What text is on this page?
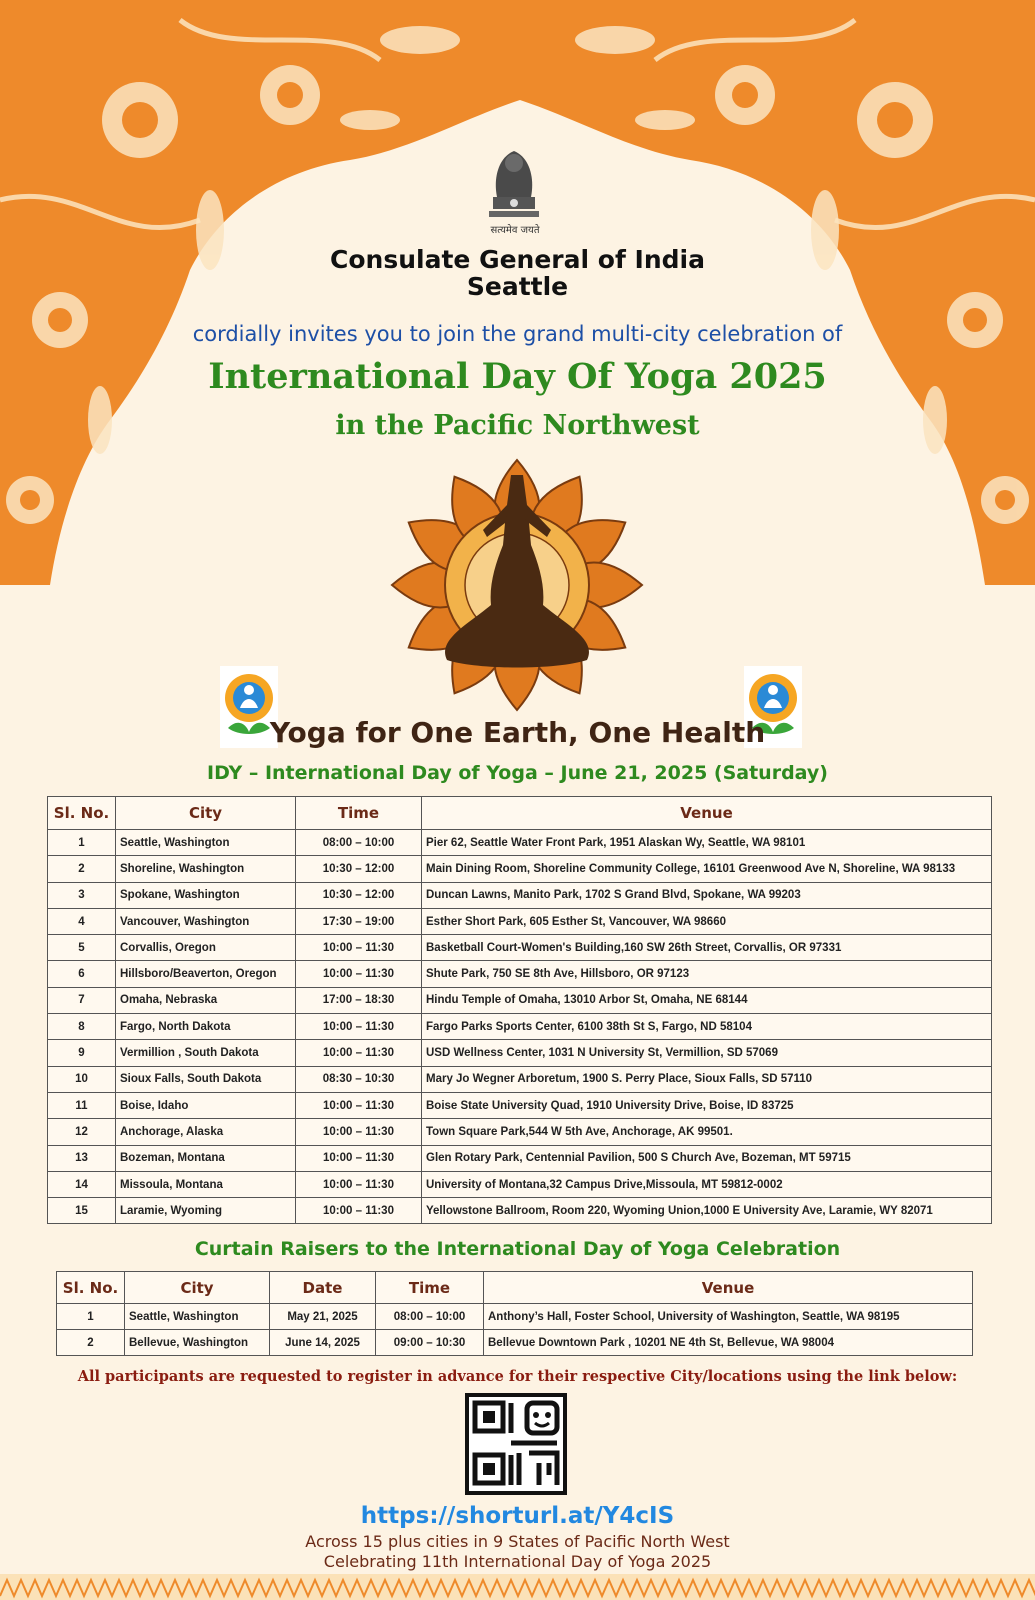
सत्यमेव जयते
Consulate General of India
Seattle
cordially invites you to join the grand multi-city celebration of
International Day Of Yoga 2025
in the Pacific Northwest
Yoga for One Earth, One Health
IDY – International Day of Yoga – June 21, 2025 (Saturday)
Sl. No.	City	Time	Venue
1	Seattle, Washington	08:00 – 10:00	Pier 62, Seattle Water Front Park, 1951 Alaskan Wy, Seattle, WA 98101
2	Shoreline, Washington	10:30 – 12:00	Main Dining Room, Shoreline Community College, 16101 Greenwood Ave N, Shoreline, WA 98133
3	Spokane, Washington	10:30 – 12:00	Duncan Lawns, Manito Park, 1702 S Grand Blvd, Spokane, WA 99203
4	Vancouver, Washington	17:30 – 19:00	Esther Short Park, 605 Esther St, Vancouver, WA 98660
5	Corvallis, Oregon	10:00 – 11:30	Basketball Court-Women's Building,160 SW 26th Street, Corvallis, OR 97331
6	Hillsboro/Beaverton, Oregon	10:00 – 11:30	Shute Park, 750 SE 8th Ave, Hillsboro, OR 97123
7	Omaha, Nebraska	17:00 – 18:30	Hindu Temple of Omaha, 13010 Arbor St, Omaha, NE 68144
8	Fargo, North Dakota	10:00 – 11:30	Fargo Parks Sports Center, 6100 38th St S, Fargo, ND 58104
9	Vermillion , South Dakota	10:00 – 11:30	USD Wellness Center, 1031 N University St, Vermillion, SD 57069
10	Sioux Falls, South Dakota	08:30 – 10:30	Mary Jo Wegner Arboretum, 1900 S. Perry Place, Sioux Falls, SD 57110
11	Boise, Idaho	10:00 – 11:30	Boise State University Quad, 1910 University Drive, Boise, ID 83725
12	Anchorage, Alaska	10:00 – 11:30	Town Square Park,544 W 5th Ave, Anchorage, AK 99501.
13	Bozeman, Montana	10:00 – 11:30	Glen Rotary Park, Centennial Pavilion, 500 S Church Ave, Bozeman, MT 59715
14	Missoula, Montana	10:00 – 11:30	University of Montana,32 Campus Drive,Missoula, MT 59812-0002
15	Laramie, Wyoming	10:00 – 11:30	Yellowstone Ballroom, Room 220, Wyoming Union,1000 E University Ave, Laramie, WY 82071
Curtain Raisers to the International Day of Yoga Celebration
Sl. No.	City	Date	Time	Venue
1	Seattle, Washington	May 21, 2025	08:00 – 10:00	Anthony’s Hall, Foster School, University of Washington, Seattle, WA 98195
2	Bellevue, Washington	June 14, 2025	09:00 – 10:30	Bellevue Downtown Park , 10201 NE 4th St, Bellevue, WA 98004
All participants are requested to register in advance for their respective City/locations using the link below:
https://shorturl.at/Y4cIS
Across 15 plus cities in 9 States of Pacific North West
Celebrating 11th International Day of Yoga 2025
